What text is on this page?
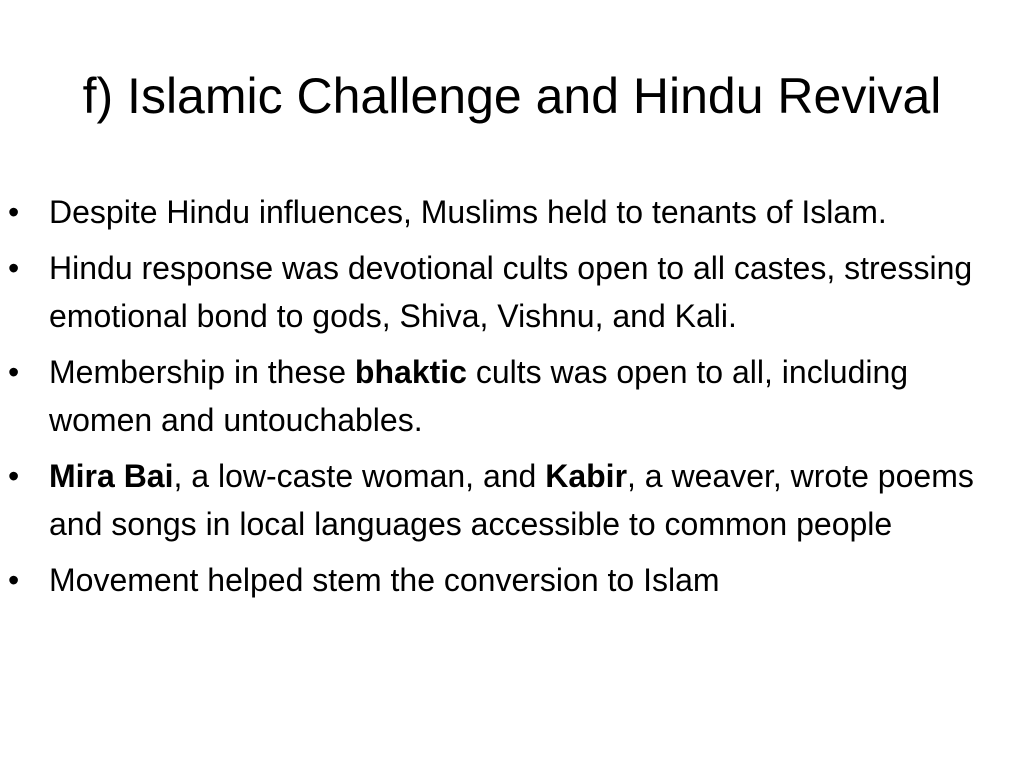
f) Islamic Challenge and Hindu Revival
• Despite Hindu influences, Muslims held to tenants of Islam.
• Hindu response was devotional cults open to all castes, stressing emotional bond to gods, Shiva, Vishnu, and Kali.
• Membership in these bhaktic cults was open to all, including women and untouchables.
• Mira Bai, a low-caste woman, and Kabir, a weaver, wrote poems and songs in local languages accessible to common people
• Movement helped stem the conversion to Islam
